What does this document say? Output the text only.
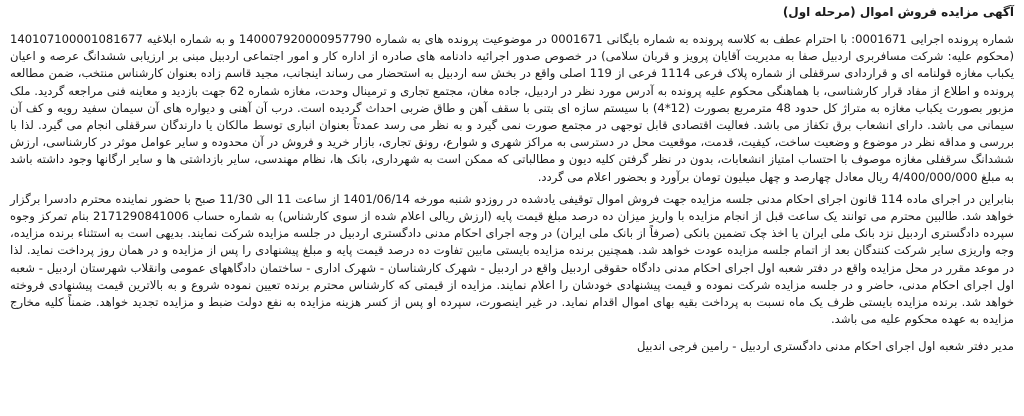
آگهی مزایده فروش اموال (مرحله اول)

شماره پرونده اجرایی 0001671: با احترام عطف به کلاسه پرونده به شماره بایگانی 0001671 در موضوعیت پرونده های به شماره 140007920000957790 و به شماره ابلاغیه 140107100001081677 (محکوم علیه: شرکت مسافربری اردبیل صفا به مدیریت آقایان پرویز و قربان سلامی) در خصوص صدور اجرائیه دادنامه های صادره از اداره کار و امور اجتماعی اردبیل مبنی بر ارزیابی ششدانگ عرصه و اعیان یکباب مغازه قولنامه ای و قراردادی سرقفلی از شماره پلاک فرعی 1114 فرعی از 119 اصلی واقع در بخش سه اردبیل به استحضار می رساند اینجانب، مجید قاسم زاده بعنوان کارشناس منتخب، ضمن مطالعه پرونده و اطلاع از مفاد قرار کارشناسی، با هماهنگی محکوم علیه پرونده به آدرس مورد نظر در اردبیل، جاده مغان، مجتمع تجاری و ترمینال وحدت، مغازه شماره 62 جهت بازدید و معاینه فنی مراجعه گردید. ملک مزبور بصورت یکباب مغازه به متراژ کل حدود 48 مترمربع بصورت (12*4) با سیستم سازه ای بتنی با سقف آهن و طاق ضربی احداث گردیده است. درب آن آهنی و دیواره های آن سیمان سفید رویه و کف آن سیمانی می باشد. دارای انشعاب برق تکفاز می باشد. فعالیت اقتصادی قابل توجهی در مجتمع صورت نمی گیرد و به نظر می رسد عمدتاً بعنوان انباری توسط مالکان یا دارندگان سرقفلی انجام می گیرد. لذا با بررسی و مداقه نظر در موضوع و وضعیت ساخت، کیفیت، قدمت، موقعیت محل در دسترسی به مراکز شهری و شوارع، رونق تجاری، بازار خرید و فروش در آن محدوده و سایر عوامل موثر در کارشناسی، ارزش ششدانگ سرقفلی مغازه موصوف با احتساب امتیاز انشعابات، بدون در نظر گرفتن کلیه دیون و مطالباتی که ممکن است به شهرداری، بانک ها، نظام مهندسی، سایر بازداشتی ها و سایر ارگانها وجود داشته باشد به مبلغ 4/400/000/000 ریال معادل چهارصد و چهل میلیون تومان برآورد و بحضور اعلام می گردد.

بنابراین در اجرای ماده 114 قانون اجرای احکام مدنی جلسه مزایده جهت فروش اموال توقیفی یادشده در روزدو شنبه مورخه 1401/06/14 از ساعت 11 الی 11/30 صبح با حضور نماینده محترم دادسرا برگزار خواهد شد. طالبین محترم می توانند یک ساعت قبل از انجام مزایده با واریز میزان ده درصد مبلغ قیمت پایه (ارزش ریالی اعلام شده از سوی کارشناس) به شماره حساب 2171290841006 بنام تمرکز وجوه سپرده دادگستری اردبیل نزد بانک ملی ایران یا اخذ چک تضمین بانکی (صرفاً از بانک ملی ایران) در وجه اجرای احکام مدنی دادگستری اردبیل در جلسه مزایده شرکت نمایند. بدیهی است به استثناء برنده مزایده، وجه واریزی سایر شرکت کنندگان بعد از اتمام جلسه مزایده عودت خواهد شد. همچنین برنده مزایده بایستی مابین تفاوت ده درصد قیمت پایه و مبلغ پیشنهادی را پس از مزایده و در همان روز پرداخت نماید. لذا در موعد مقرر در محل مزایده واقع در دفتر شعبه اول اجرای احکام مدنی دادگاه حقوقی اردبیل واقع در اردبیل - شهرک کارشناسان - شهرک اداری - ساختمان دادگاههای عمومی وانقلاب شهرستان اردبیل - شعبه اول اجرای احکام مدنی، حاضر و در جلسه مزایده شرکت نموده و قیمت پیشنهادی خودشان را اعلام نمایند. مزایده از قیمتی که کارشناس محترم برنده تعیین نموده شروع و به بالاترین قیمت پیشنهادی فروخته خواهد شد. برنده مزایده بایستی ظرف یک ماه نسبت به پرداخت بقیه بهای اموال اقدام نماید. در غیر اینصورت، سپرده او پس از کسر هزینه مزایده به نفع دولت ضبط و مزایده تجدید خواهد. ضمناً کلیه مخارج مزایده به عهده محکوم علیه می باشد.

مدیر دفتر شعبه اول اجرای احکام مدنی دادگستری اردبیل - رامین فرجی اندبیل
